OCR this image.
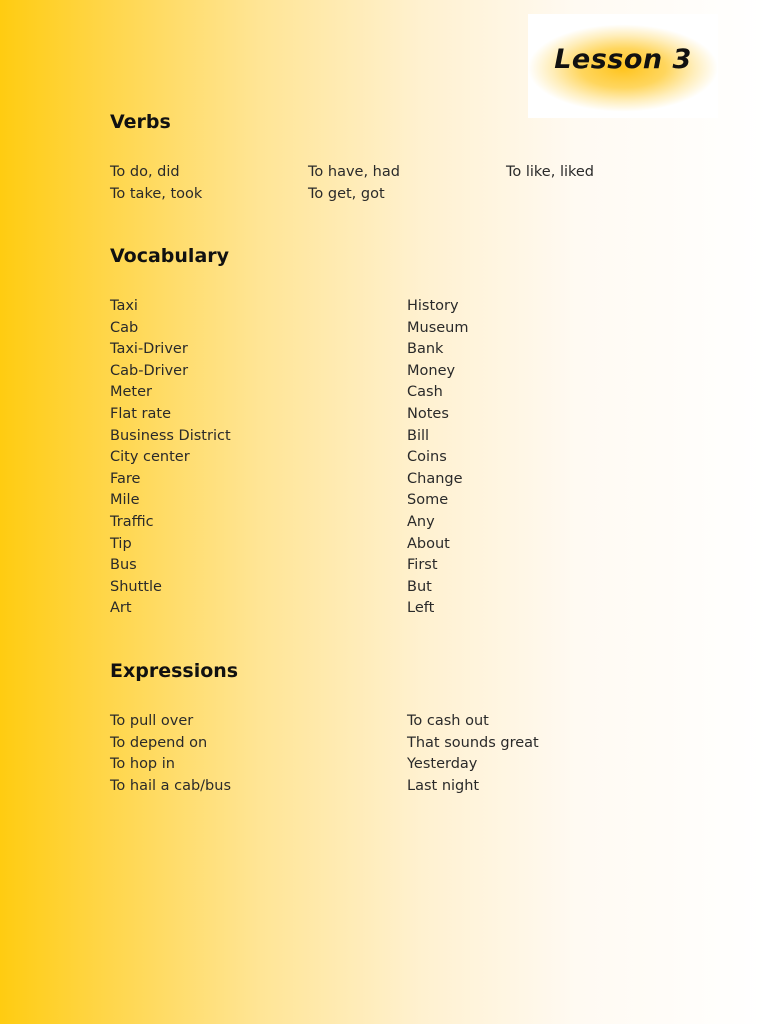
Lesson 3
Verbs
To do, did
To take, took
To have, had
To get, got
To like, liked
Vocabulary
Taxi
Cab
Taxi-Driver
Cab-Driver
Meter
Flat rate
Business District
City center
Fare
Mile
Traffic
Tip
Bus
Shuttle
Art
History
Museum
Bank
Money
Cash
Notes
Bill
Coins
Change
Some
Any
About
First
But
Left
Expressions
To pull over
To depend on
To hop in
To hail a cab/bus
To cash out
That sounds great
Yesterday
Last night
